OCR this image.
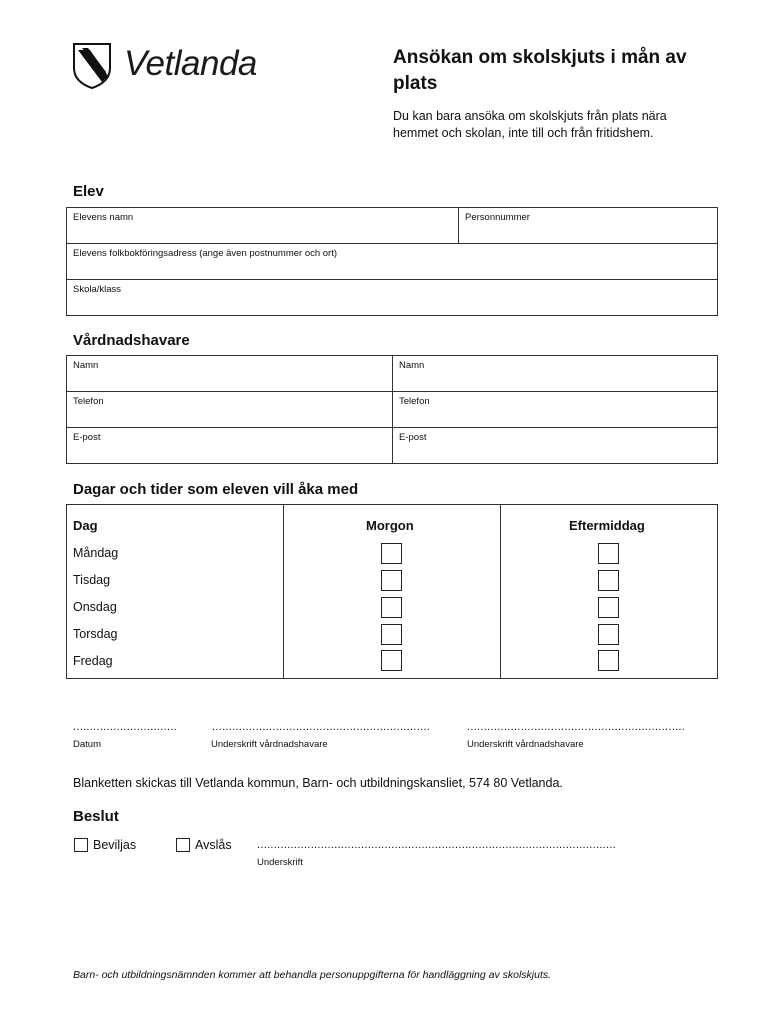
Vetlanda	Ansökan om skolskjuts i mån av plats
Du kan bara ansöka om skolskjuts från plats nära hemmet och skolan, inte till och från fritidshem.
Elev
Elevens namn	Personnummer
Elevens folkbokföringsadress (ange även postnummer och ort)
Skola/klass
Vårdnadshavare
Namn	Namn
Telefon	Telefon
E-post	E-post
Dagar och tider som eleven vill åka med
Dag	Morgon	Eftermiddag
Måndag
Tisdag
Onsdag
Torsdag
Fredag
...............................	.................................................................	.................................................................
Datum	Underskrift vårdnadshavare	Underskrift vårdnadshavare
Blanketten skickas till Vetlanda kommun, Barn- och utbildningskansliet, 574 80 Vetlanda.
Beslut
Beviljas	Avslås ...........................................................................................................
Underskrift
Barn- och utbildningsnämnden kommer att behandla personuppgifterna för handläggning av skolskjuts.
